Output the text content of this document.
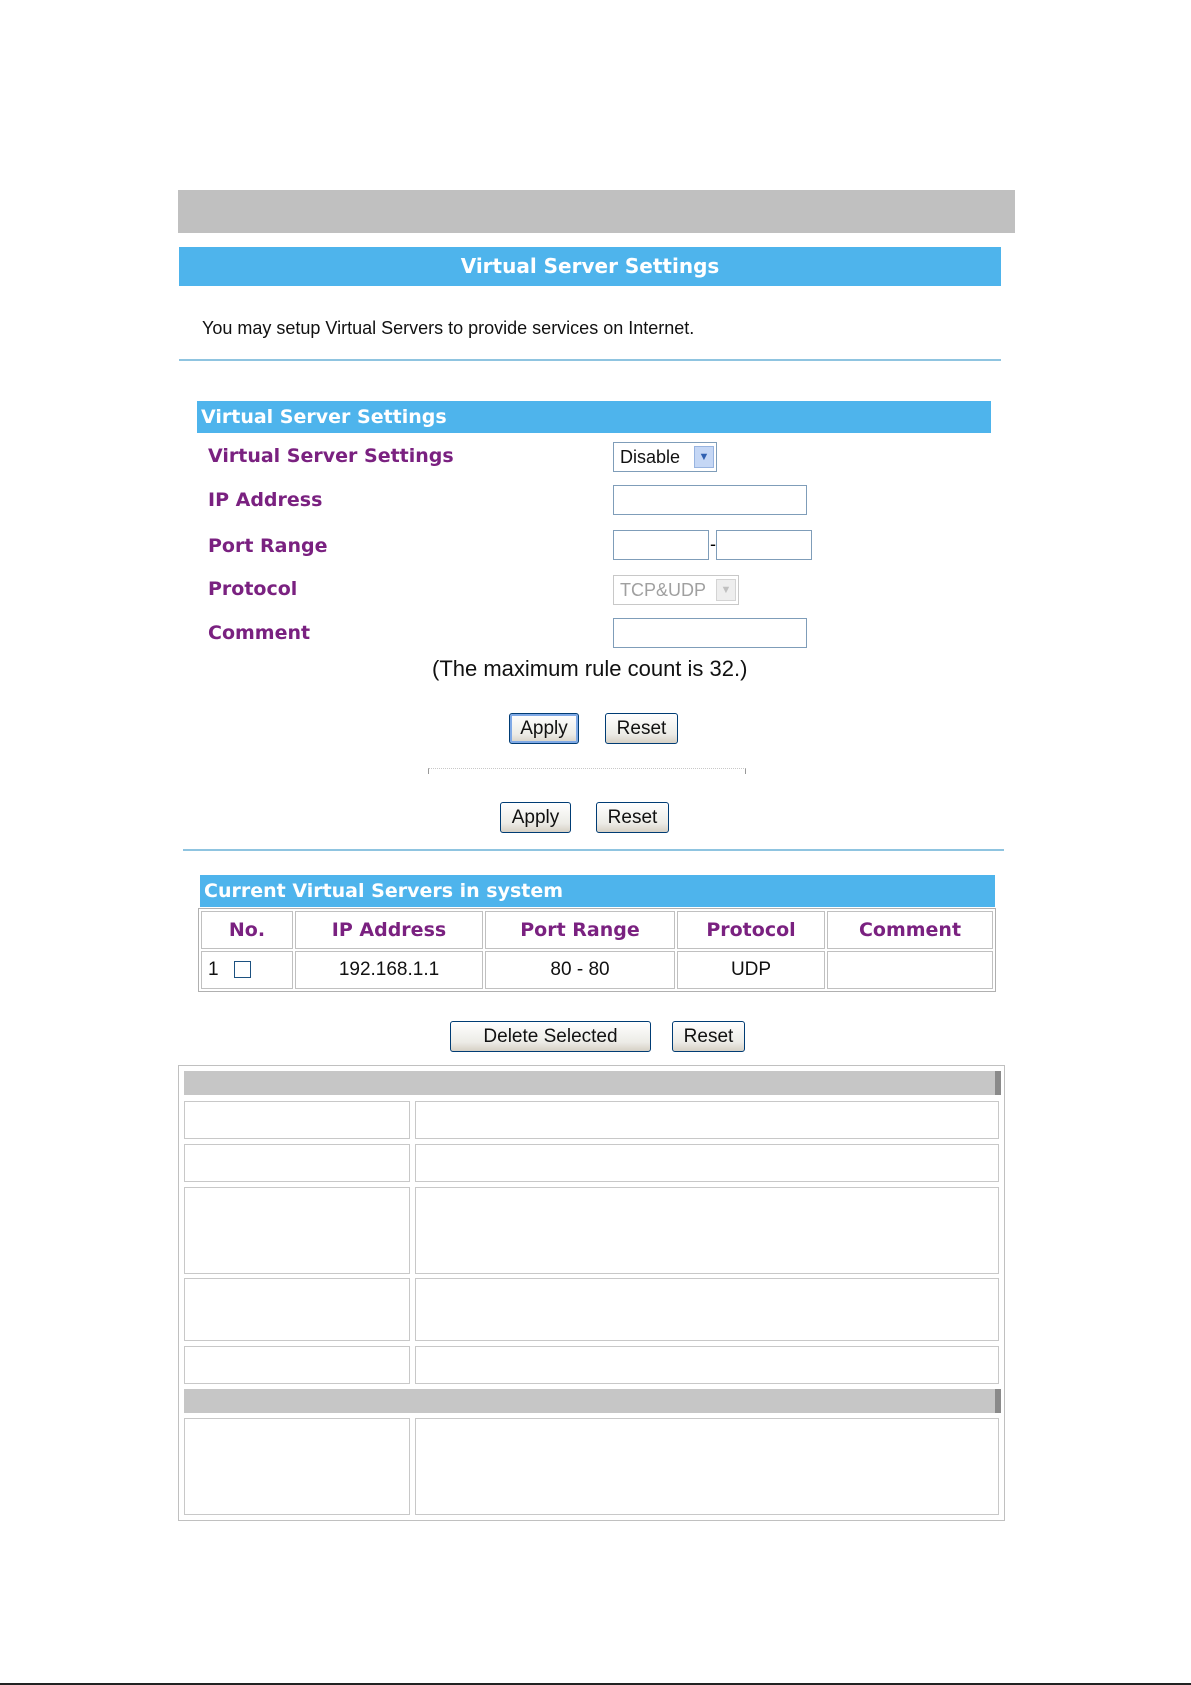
Virtual Server Settings
You may setup Virtual Servers to provide services on Internet.
Virtual Server Settings
Virtual Server Settings	Disable	▼
IP Address
Port Range	-
Protocol	TCP&UDP	▼
Comment
(The maximum rule count is 32.)
Apply	Reset
Apply	Reset
Current Virtual Servers in system
No.	IP Address	Port Range	Protocol	Comment
1	192.168.1.1	80 - 80	UDP	
Delete Selected	Reset
